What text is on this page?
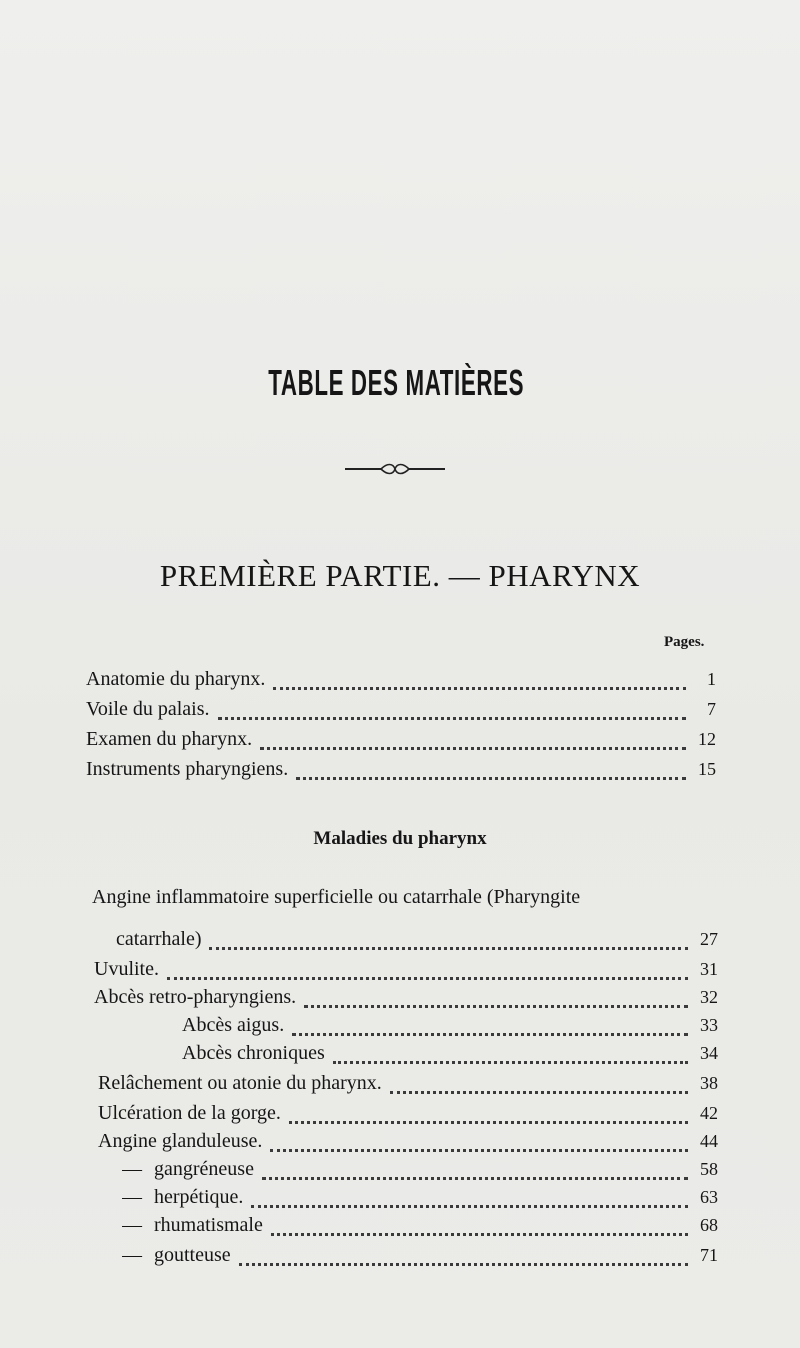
TABLE DES MATIÈRES
PREMIÈRE PARTIE. — PHARYNX
Pages.
Anatomie du pharynx.	1
Voile du palais.	7
Examen du pharynx.	12
Instruments pharyngiens.	15
Maladies du pharynx
Angine inflammatoire superficielle ou catarrhale (Pharyngite
catarrhale)	27
Uvulite.	31
Abcès retro-pharyngiens.	32
Abcès aigus.	33
Abcès chroniques	34
Relâchement ou atonie du pharynx.	38
Ulcération de la gorge.	42
Angine glanduleuse.	44
— gangréneuse	58
— herpétique.	63
— rhumatismale	68
— goutteuse	71
